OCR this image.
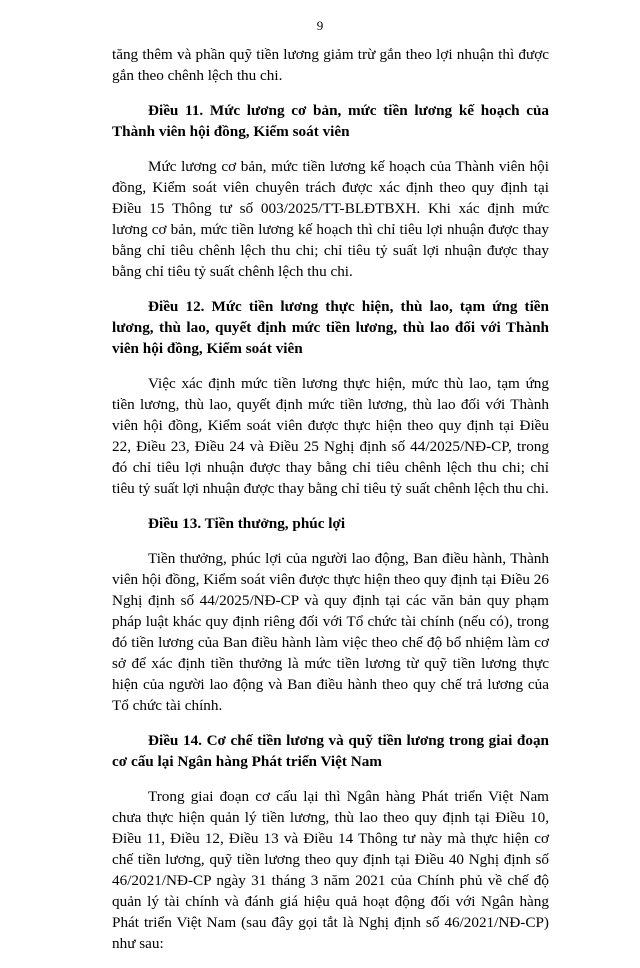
9

tăng thêm và phần quỹ tiền lương giảm trừ gắn theo lợi nhuận thì được gắn theo chênh lệch thu chi.

Điều 11. Mức lương cơ bản, mức tiền lương kế hoạch của Thành viên hội đồng, Kiểm soát viên

Mức lương cơ bản, mức tiền lương kế hoạch của Thành viên hội đồng, Kiểm soát viên chuyên trách được xác định theo quy định tại Điều 15 Thông tư số 003/2025/TT-BLĐTBXH. Khi xác định mức lương cơ bản, mức tiền lương kế hoạch thì chỉ tiêu lợi nhuận được thay bằng chỉ tiêu chênh lệch thu chi; chỉ tiêu tỷ suất lợi nhuận được thay bằng chỉ tiêu tỷ suất chênh lệch thu chi.

Điều 12. Mức tiền lương thực hiện, thù lao, tạm ứng tiền lương, thù lao, quyết định mức tiền lương, thù lao đối với Thành viên hội đồng, Kiểm soát viên

Việc xác định mức tiền lương thực hiện, mức thù lao, tạm ứng tiền lương, thù lao, quyết định mức tiền lương, thù lao đối với Thành viên hội đồng, Kiểm soát viên được thực hiện theo quy định tại Điều 22, Điều 23, Điều 24 và Điều 25 Nghị định số 44/2025/NĐ-CP, trong đó chỉ tiêu lợi nhuận được thay bằng chỉ tiêu chênh lệch thu chi; chỉ tiêu tỷ suất lợi nhuận được thay bằng chỉ tiêu tỷ suất chênh lệch thu chi.

Điều 13. Tiền thưởng, phúc lợi

Tiền thưởng, phúc lợi của người lao động, Ban điều hành, Thành viên hội đồng, Kiểm soát viên được thực hiện theo quy định tại Điều 26 Nghị định số 44/2025/NĐ-CP và quy định tại các văn bản quy phạm pháp luật khác quy định riêng đối với Tổ chức tài chính (nếu có), trong đó tiền lương của Ban điều hành làm việc theo chế độ bổ nhiệm làm cơ sở để xác định tiền thưởng là mức tiền lương từ quỹ tiền lương thực hiện của người lao động và Ban điều hành theo quy chế trả lương của Tổ chức tài chính.

Điều 14. Cơ chế tiền lương và quỹ tiền lương trong giai đoạn cơ cấu lại Ngân hàng Phát triển Việt Nam

Trong giai đoạn cơ cấu lại thì Ngân hàng Phát triển Việt Nam chưa thực hiện quản lý tiền lương, thù lao theo quy định tại Điều 10, Điều 11, Điều 12, Điều 13 và Điều 14 Thông tư này mà thực hiện cơ chế tiền lương, quỹ tiền lương theo quy định tại Điều 40 Nghị định số 46/2021/NĐ-CP ngày 31 tháng 3 năm 2021 của Chính phủ về chế độ quản lý tài chính và đánh giá hiệu quả hoạt động đối với Ngân hàng Phát triển Việt Nam (sau đây gọi tắt là Nghị định số 46/2021/NĐ-CP) như sau:
